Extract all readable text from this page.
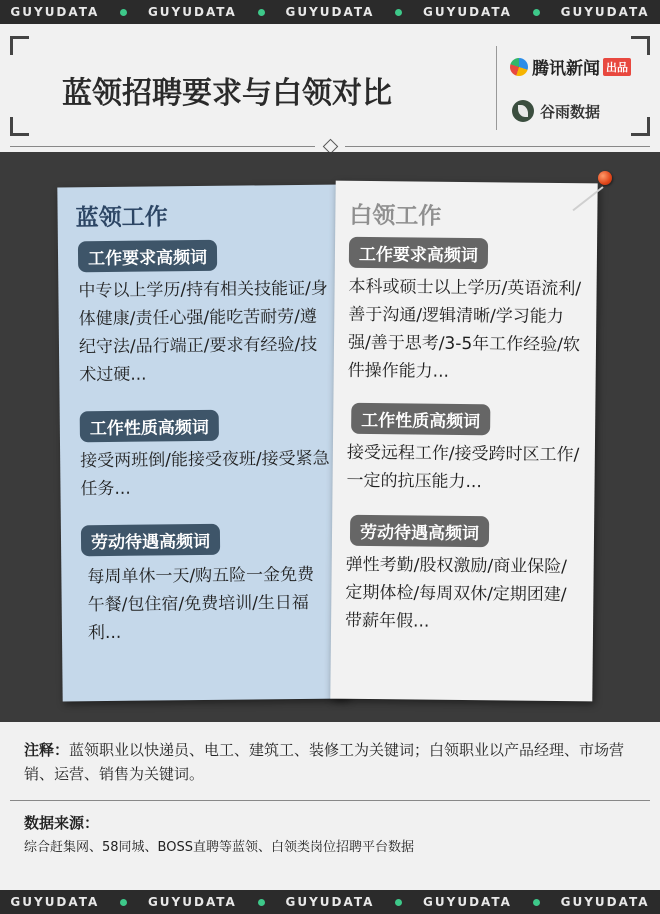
GUYUDATA	GUYUDATA	GUYUDATA	GUYUDATA	GUYUDATA
蓝领招聘要求与白领对比
腾讯新闻 出品
谷雨数据
蓝领工作
工作要求高频词
中专以上学历/持有相关技能证/身体健康/责任心强/能吃苦耐劳/遵纪守法/品行端正/要求有经验/技术过硬...
工作性质高频词
接受两班倒/能接受夜班/接受紧急任务...
劳动待遇高频词
每周单休一天/购五险一金免费午餐/包住宿/免费培训/生日福利...
白领工作
工作要求高频词
本科或硕士以上学历/英语流利/善于沟通/逻辑清晰/学习能力强/善于思考/3-5年工作经验/软件操作能力...
工作性质高频词
接受远程工作/接受跨时区工作/一定的抗压能力...
劳动待遇高频词
弹性考勤/股权激励/商业保险/定期体检/每周双休/定期团建/带薪年假...
注释：蓝领职业以快递员、电工、建筑工、装修工为关键词；白领职业以产品经理、市场营销、运营、销售为关键词。
数据来源：
综合赶集网、58同城、BOSS直聘等蓝领、白领类岗位招聘平台数据
GUYUDATA	GUYUDATA	GUYUDATA	GUYUDATA	GUYUDATA
